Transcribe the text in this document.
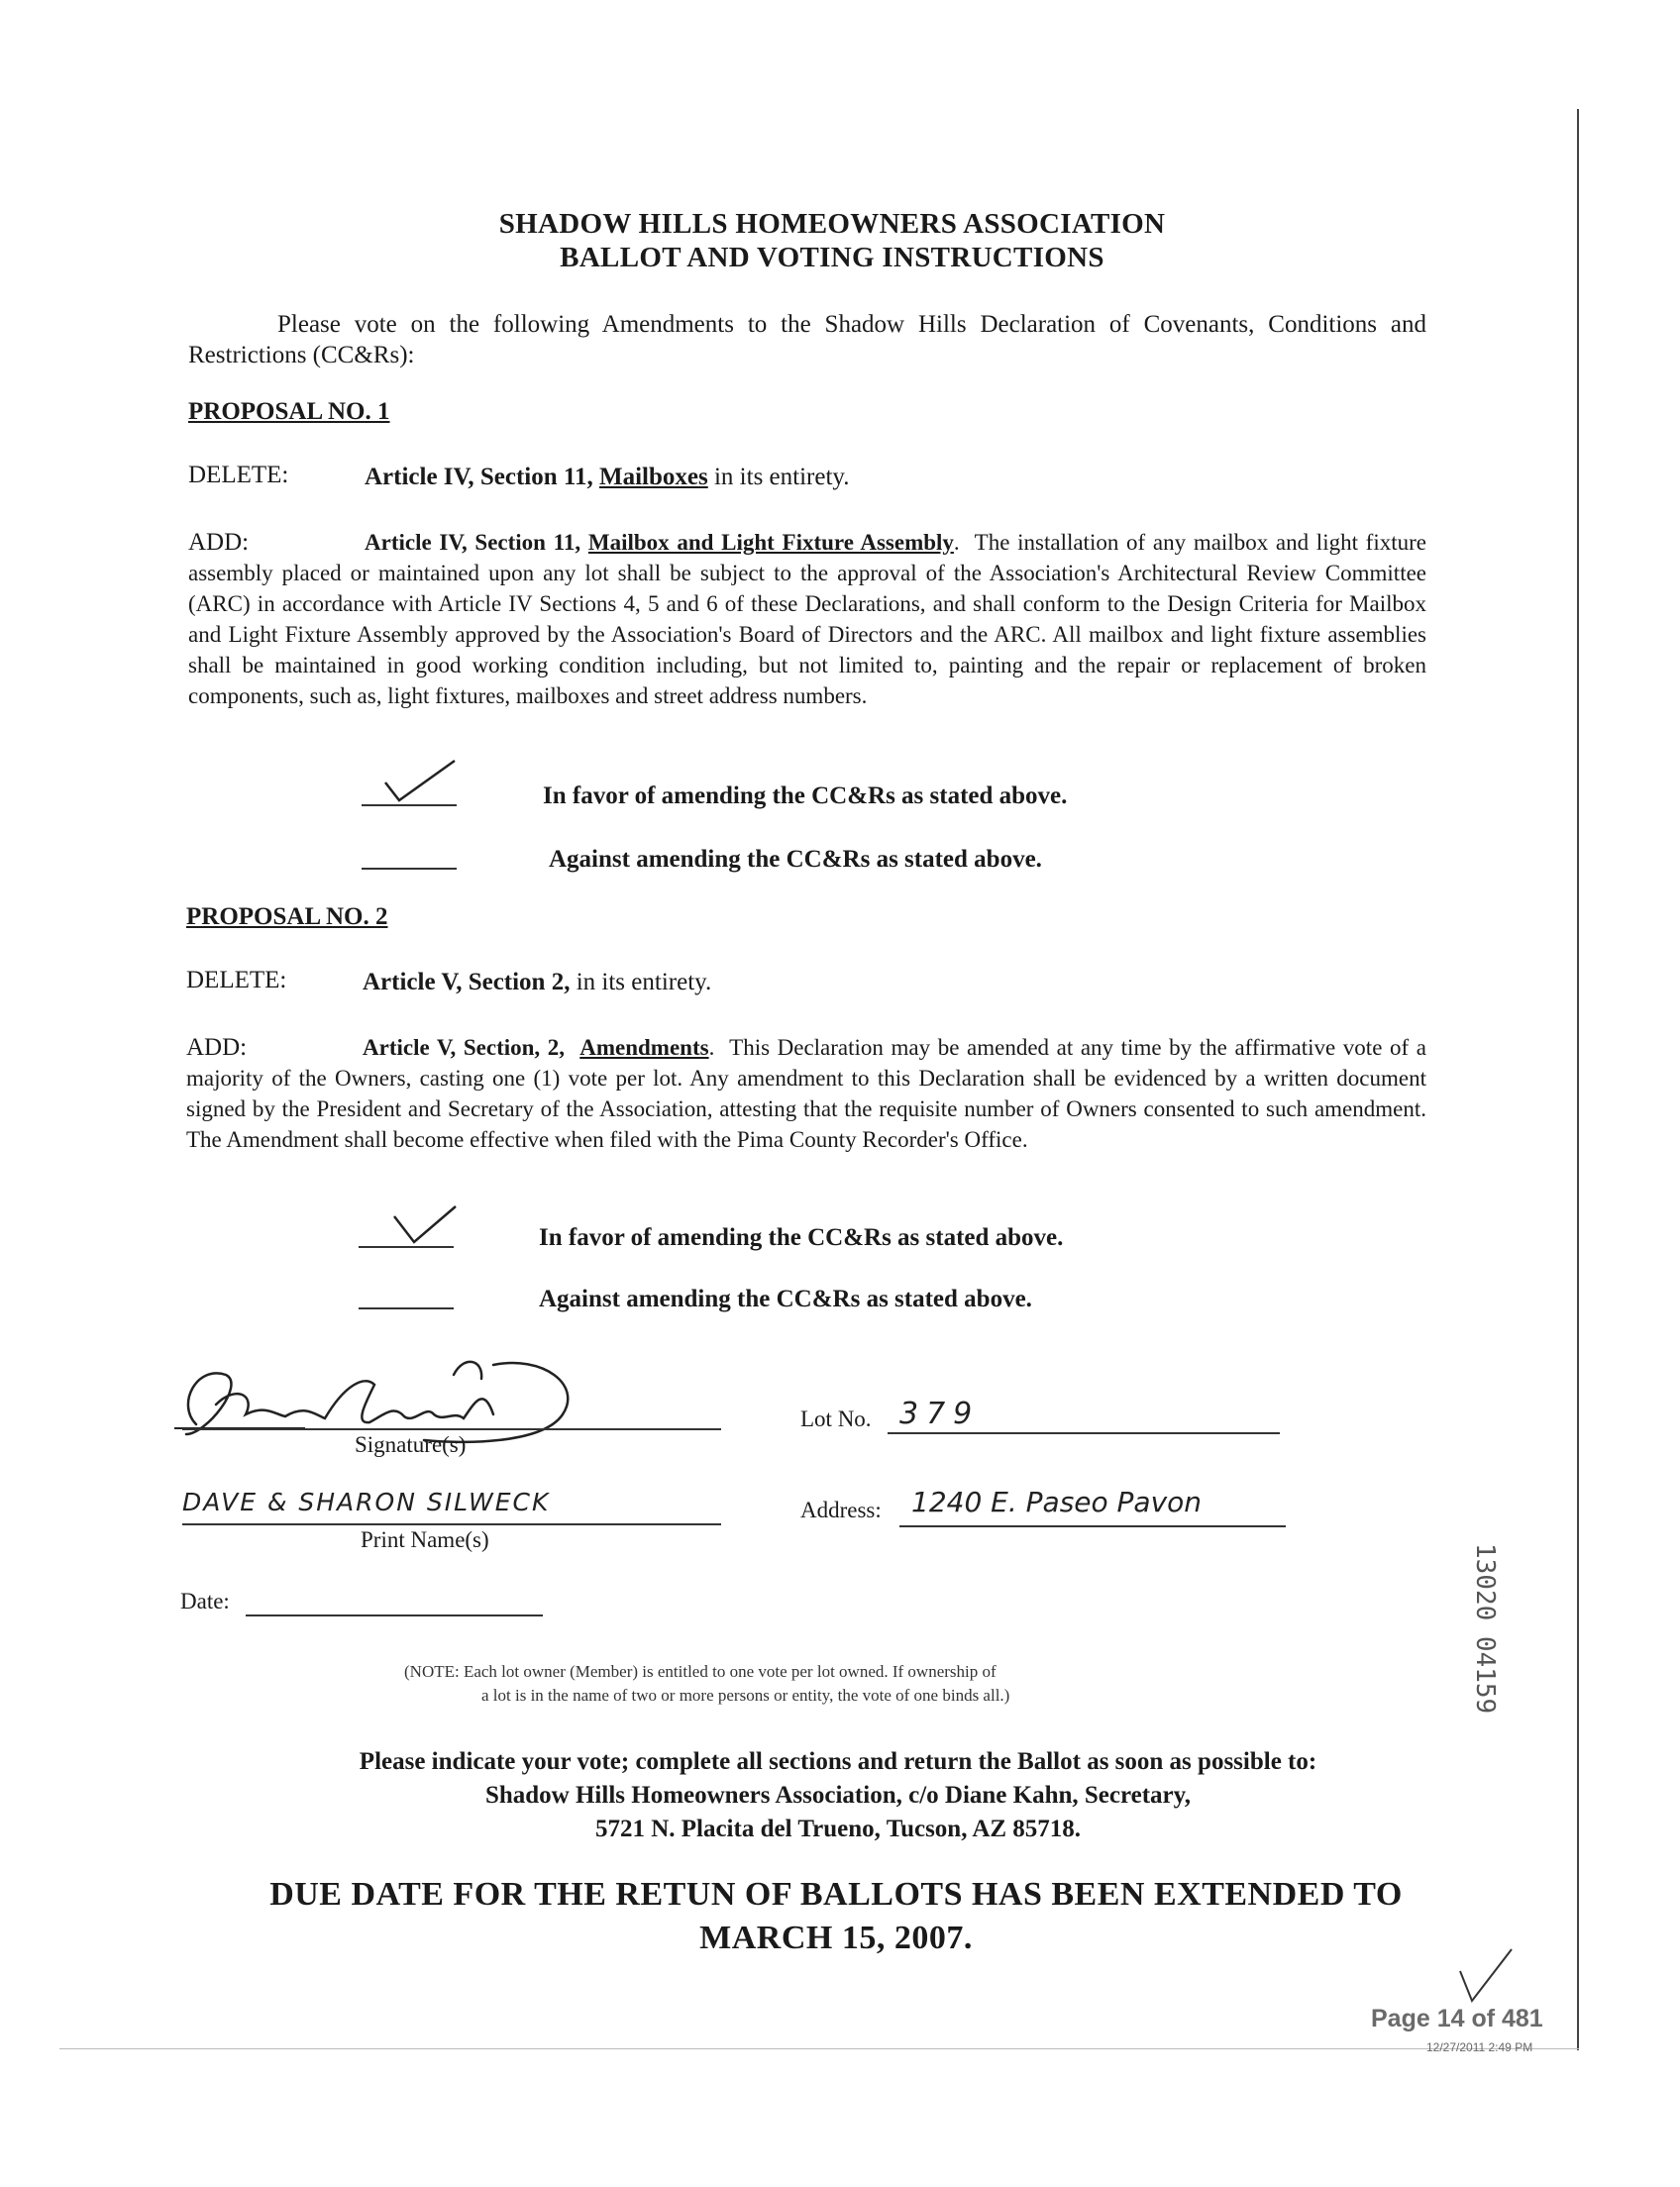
SHADOW HILLS HOMEOWNERS ASSOCIATION
BALLOT AND VOTING INSTRUCTIONS
Please vote on the following Amendments to the Shadow Hills Declaration of Covenants, Conditions and Restrictions (CC&Rs):
PROPOSAL NO. 1
DELETE:	Article IV, Section 11, Mailboxes in its entirety.
ADD:	Article IV, Section 11, Mailbox and Light Fixture Assembly.  The installation of any mailbox and light fixture assembly placed or maintained upon any lot shall be subject to the approval of the Association's Architectural Review Committee (ARC) in accordance with Article IV Sections 4, 5 and 6 of these Declarations, and shall conform to the Design Criteria for Mailbox and Light Fixture Assembly approved by the Association's Board of Directors and the ARC. All mailbox and light fixture assemblies shall be maintained in good working condition including, but not limited to, painting and the repair or replacement of broken components, such as, light fixtures, mailboxes and street address numbers.
In favor of amending the CC&Rs as stated above.
Against amending the CC&Rs as stated above.
PROPOSAL NO. 2
DELETE:	Article V, Section 2, in its entirety.
ADD:	Article V, Section, 2, Amendments.  This Declaration may be amended at any time by the affirmative vote of a majority of the Owners, casting one (1) vote per lot. Any amendment to this Declaration shall be evidenced by a written document signed by the President and Secretary of the Association, attesting that the requisite number of Owners consented to such amendment. The Amendment shall become effective when filed with the Pima County Recorder's Office.
In favor of amending the CC&Rs as stated above.
Against amending the CC&Rs as stated above.
Signature(s)
DAVE & SHARON SILWECK
Print Name(s)
Date:
Lot No. 379
Address: 1240 E. Paseo Pavon
13020 04159
(NOTE: Each lot owner (Member) is entitled to one vote per lot owned. If ownership of
a lot is in the name of two or more persons or entity, the vote of one binds all.)
Please indicate your vote; complete all sections and return the Ballot as soon as possible to:
Shadow Hills Homeowners Association, c/o Diane Kahn, Secretary,
5721 N. Placita del Trueno, Tucson, AZ 85718.
DUE DATE FOR THE RETUN OF BALLOTS HAS BEEN EXTENDED TO
MARCH 15, 2007.
Page 14 of 481
12/27/2011 2:49 PM
